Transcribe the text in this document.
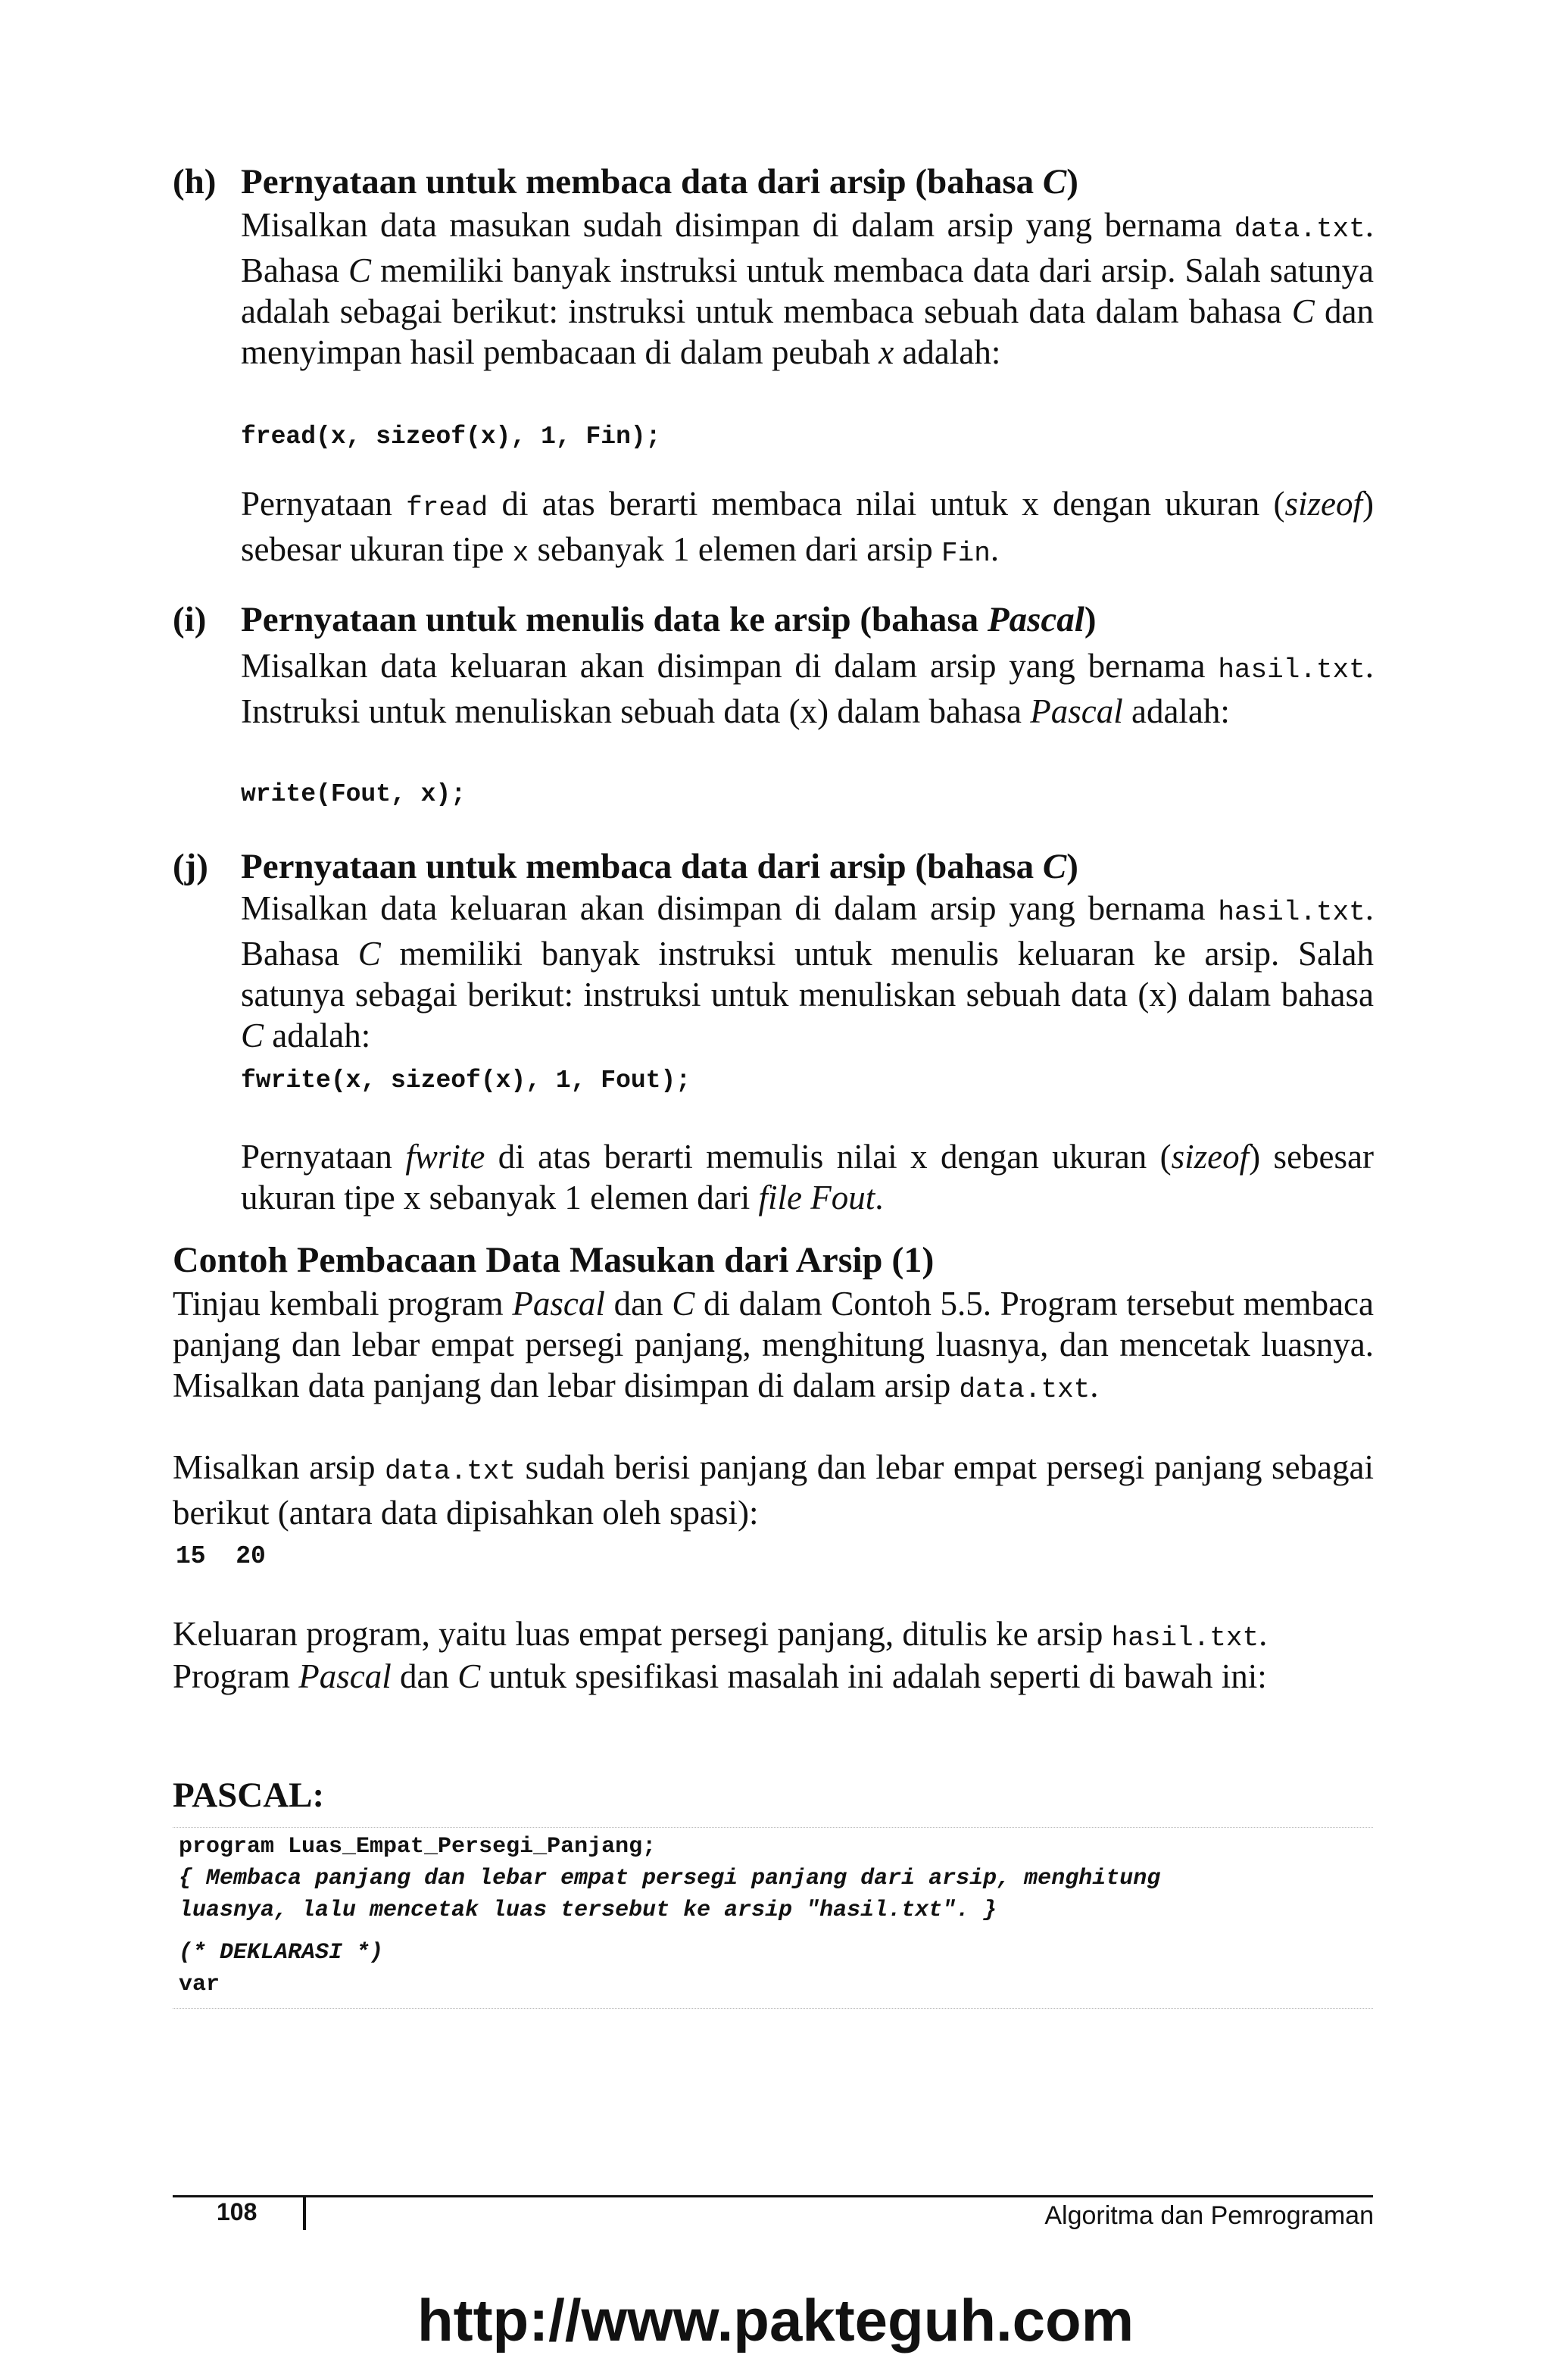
(h) Pernyataan untuk membaca data dari arsip (bahasa C)
Misalkan data masukan sudah disimpan di dalam arsip yang bernama data.txt. Bahasa C memiliki banyak instruksi untuk membaca data dari arsip. Salah satunya adalah sebagai berikut: instruksi untuk membaca sebuah data dalam bahasa C dan menyimpan hasil pembacaan di dalam peubah x adalah:
fread(x, sizeof(x), 1, Fin);
Pernyataan fread di atas berarti membaca nilai untuk x dengan ukuran (sizeof) sebesar ukuran tipe x sebanyak 1 elemen dari arsip Fin.
(i) Pernyataan untuk menulis data ke arsip (bahasa Pascal)
Misalkan data keluaran akan disimpan di dalam arsip yang bernama hasil.txt. Instruksi untuk menuliskan sebuah data (x) dalam bahasa Pascal adalah:
write(Fout, x);
(j) Pernyataan untuk membaca data dari arsip (bahasa C)
Misalkan data keluaran akan disimpan di dalam arsip yang bernama hasil.txt. Bahasa C memiliki banyak instruksi untuk menulis keluaran ke arsip. Salah satunya sebagai berikut: instruksi untuk menuliskan sebuah data (x) dalam bahasa C adalah:
fwrite(x, sizeof(x), 1, Fout);
Pernyataan fwrite di atas berarti memulis nilai x dengan ukuran (sizeof) sebesar ukuran tipe x sebanyak 1 elemen dari file Fout.
Contoh Pembacaan Data Masukan dari Arsip (1)
Tinjau kembali program Pascal dan C di dalam Contoh 5.5. Program tersebut membaca panjang dan lebar empat persegi panjang, menghitung luasnya, dan mencetak luasnya. Misalkan data panjang dan lebar disimpan di dalam arsip data.txt.
Misalkan arsip data.txt sudah berisi panjang dan lebar empat persegi panjang sebagai berikut (antara data dipisahkan oleh spasi):
15  20
Keluaran program, yaitu luas empat persegi panjang, ditulis ke arsip hasil.txt.
Program Pascal dan C untuk spesifikasi masalah ini adalah seperti di bawah ini:
PASCAL:
program Luas_Empat_Persegi_Panjang;
{ Membaca panjang dan lebar empat persegi panjang dari arsip, menghitung
luasnya, lalu mencetak luas tersebut ke arsip "hasil.txt". }
(* DEKLARASI *)
var
108	Algoritma dan Pemrograman
http://www.pakteguh.com
